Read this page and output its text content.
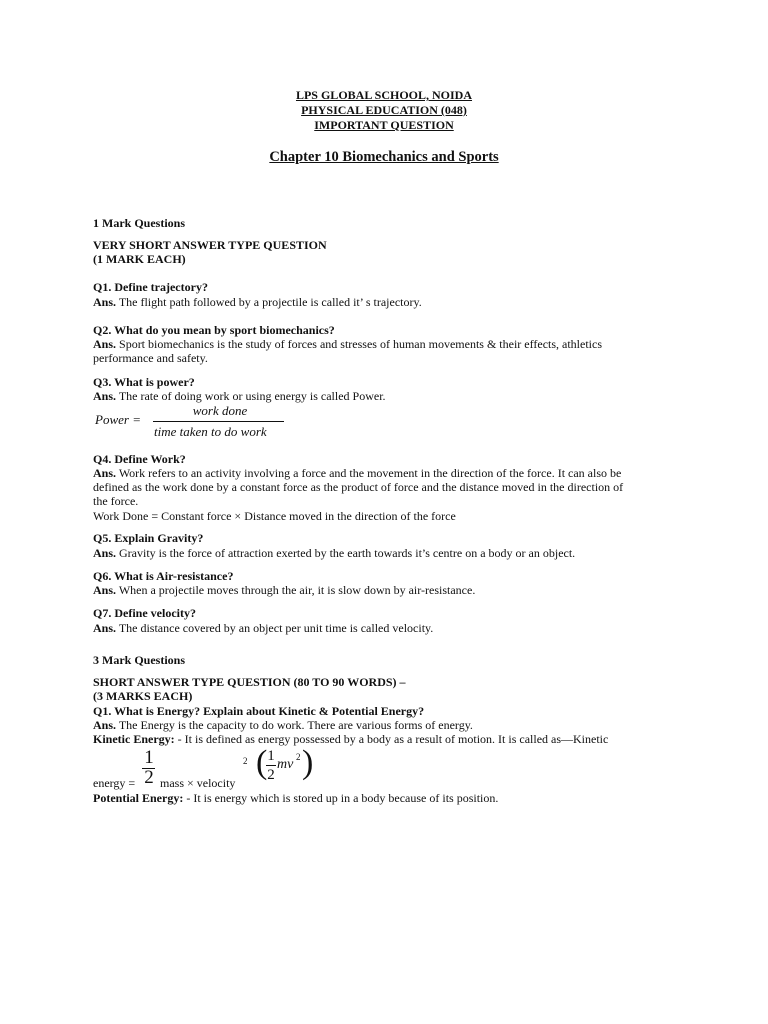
LPS GLOBAL SCHOOL, NOIDA

PHYSICAL EDUCATION (048)

IMPORTANT QUESTION

Chapter 10 Biomechanics and Sports

1 Mark Questions

VERY SHORT ANSWER TYPE QUESTION

(1 MARK EACH)

Q1. Define trajectory?

Ans. The flight path followed by a projectile is called it’ s trajectory.

Q2. What do you mean by sport biomechanics?

Ans. Sport biomechanics is the study of forces and stresses of human movements & their effects, athletics

performance and safety.

Q3. What is power?

Ans. The rate of doing work or using energy is called Power.

Power =

work done

time taken to do work

Q4. Define Work?

Ans. Work refers to an activity involving a force and the movement in the direction of the force. It can also be

defined as the work done by a constant force as the product of force and the distance moved in the direction of

the force.

Work Done = Constant force × Distance moved in the direction of the force

Q5. Explain Gravity?

Ans. Gravity is the force of attraction exerted by the earth towards it’s centre on a body or an object.

Q6. What is Air-resistance?

Ans. When a projectile moves through the air, it is slow down by air-resistance.

Q7. Define velocity?

Ans. The distance covered by an object per unit time is called velocity.

3 Mark Questions

SHORT ANSWER TYPE QUESTION (80 TO 90 WORDS) –

(3 MARKS EACH)

Q1. What is Energy? Explain about Kinetic & Potential Energy?

Ans. The Energy is the capacity to do work. There are various forms of energy.

Kinetic Energy: - It is defined as energy possessed by a body as a result of motion. It is called as—Kinetic

energy =

1

2 mass × velocity

2 ( 1

2

mv 2 )

Potential Energy: - It is energy which is stored up in a body because of its position.
